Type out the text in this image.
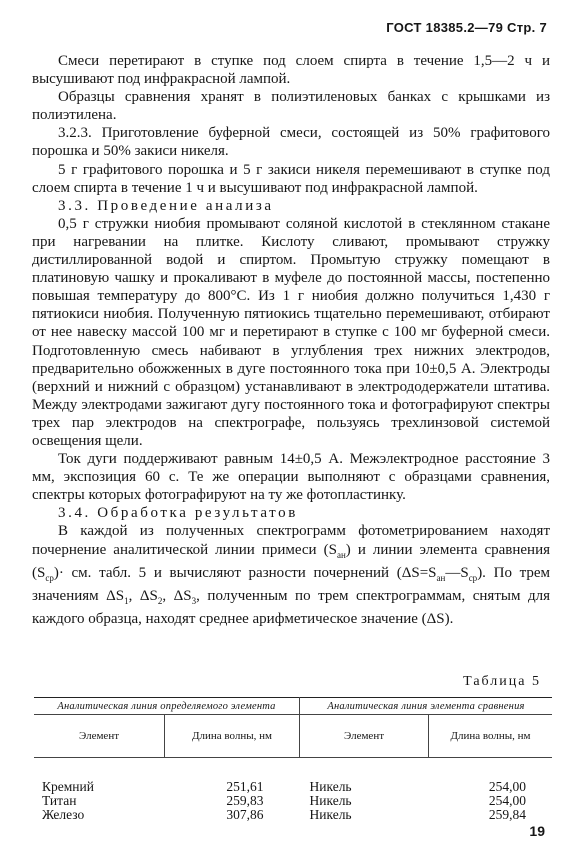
ГОСТ 18385.2—79 Стр. 7

Смеси перетирают в ступке под слоем спирта в течение 1,5—2 ч и высушивают под инфракрасной лампой.

Образцы сравнения хранят в полиэтиленовых банках с крышками из полиэтилена.

3.2.3. Приготовление буферной смеси, состоящей из 50% графитового порошка и 50% закиси никеля.

5 г графитового порошка и 5 г закиси никеля перемешивают в ступке под слоем спирта в течение 1 ч и высушивают под инфракрасной лампой.

3.3. Проведение анализа

0,5 г стружки ниобия промывают соляной кислотой в стеклянном стакане при нагревании на плитке. Кислоту сливают, промывают стружку дистиллированной водой и спиртом. Промытую стружку помещают в платиновую чашку и прокаливают в муфеле до постоянной массы, постепенно повышая температуру до 800°С. Из 1 г ниобия должно получиться 1,430 г пятиокиси ниобия. Полученную пятиокись тщательно перемешивают, отбирают от нее навеску массой 100 мг и перетирают в ступке с 100 мг буферной смеси. Подготовленную смесь набивают в углубления трех нижних электродов, предварительно обожженных в дуге постоянного тока при 10±0,5 А. Электроды (верхний и нижний с образцом) устанавливают в электрододержатели штатива. Между электродами зажигают дугу постоянного тока и фотографируют спектры трех пар электродов на спектрографе, пользуясь трехлинзовой системой освещения щели.

Ток дуги поддерживают равным 14±0,5 А. Межэлектродное расстояние 3 мм, экспозиция 60 с. Те же операции выполняют с образцами сравнения, спектры которых фотографируют на ту же фотопластинку.

3.4. Обработка результатов

В каждой из полученных спектрограмм фотометрированием находят почернение аналитической линии примеси $(S_{ан})$ и линии элемента сравнения $(S_{ср})\cdot$ см. табл. 5 и вычисляют разности почернений $(\Delta S=S_{ан}—S_{ср})$. По трем значениям $\Delta S_1$, $\Delta S_2$, $\Delta S_3$, полученным по трем спектрограммам, снятым для каждого образца, находят среднее арифметическое значение (ΔS).

Таблица 5
Аналитическая линия определяемого элемента		Аналитическая линия элемента сравнения	
Элемент	Длина волны, нм	Элемент	Длина волны, нм
Кремний	251,61	Никель	254,00
Титан	259,83	Никель	254,00
Железо	307,86	Никель	259,84
19
